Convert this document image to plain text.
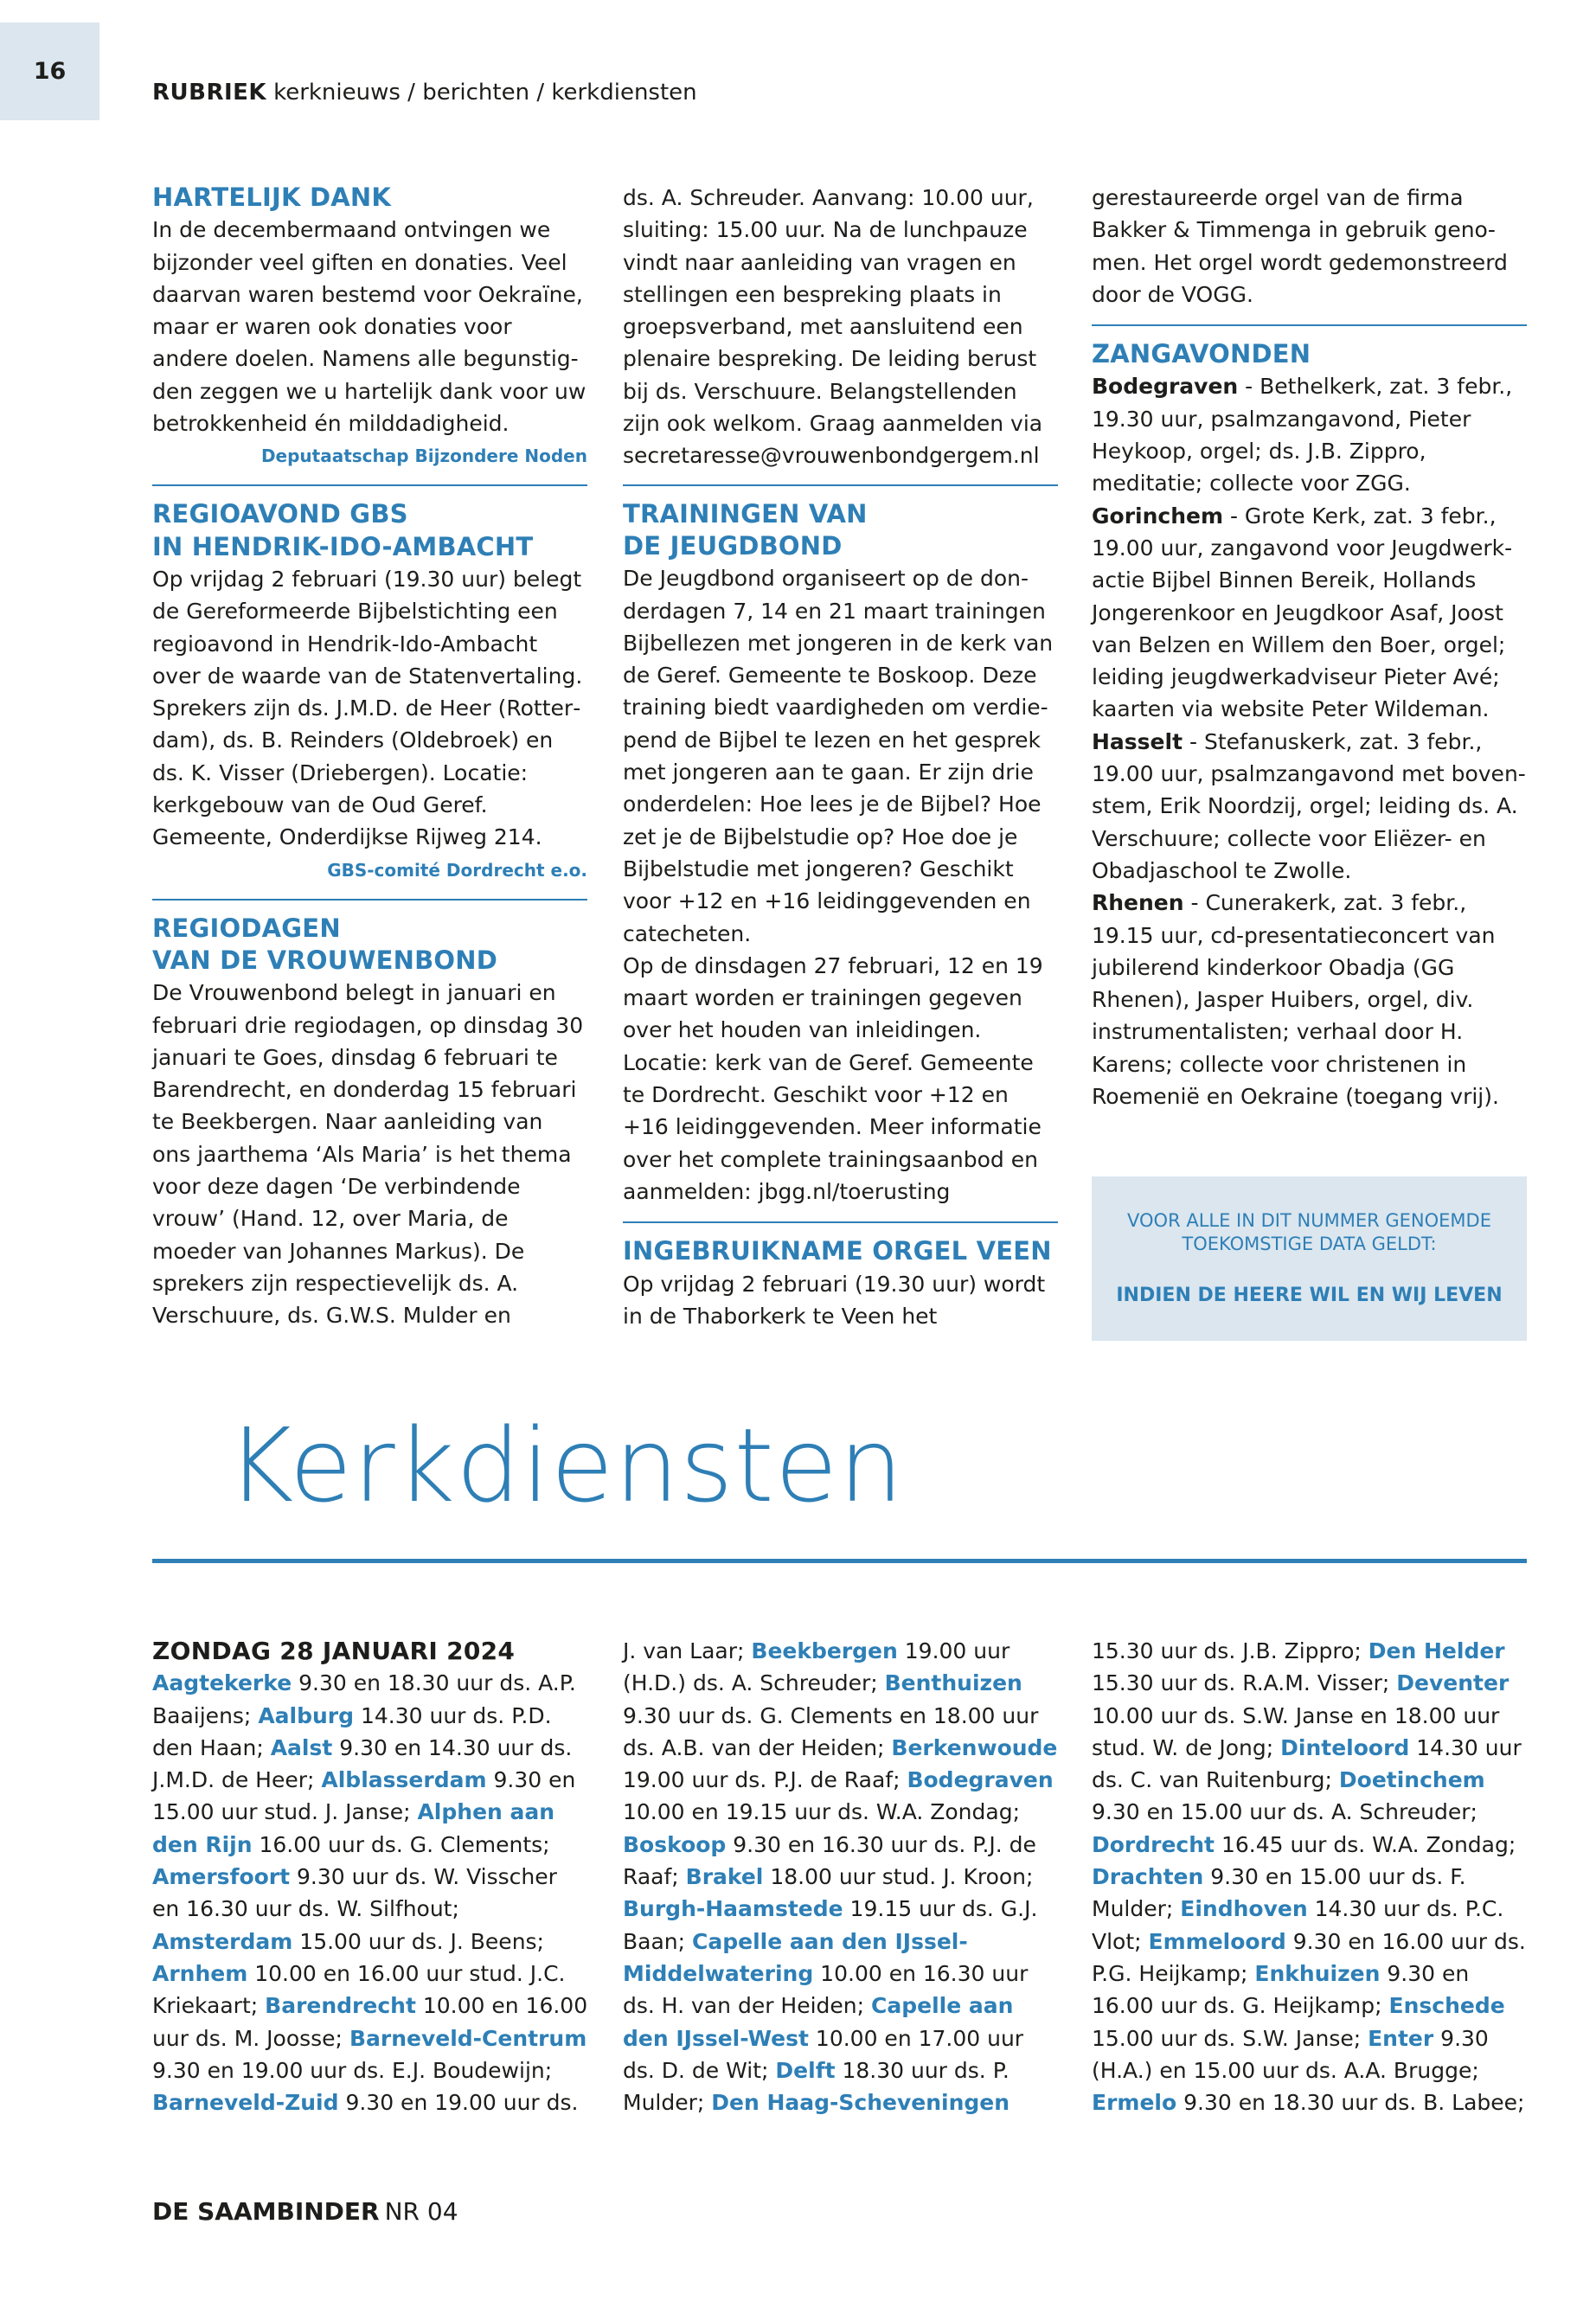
16
RUBRIEK kerknieuws / berichten / kerkdiensten
HARTELIJK DANK

In de decembermaand ontvingen we bijzonder veel giften en donaties. Veel daarvan waren bestemd voor Oekraïne, maar er waren ook donaties voor andere doelen. Namens alle begunstigden zeggen we u hartelijk dank voor uw betrokkenheid én milddadigheid.

Deputaatschap Bijzondere Noden
REGIOAVOND GBS
IN HENDRIK-IDO-AMBACHT

Op vrijdag 2 februari (19.30 uur) belegt de Gereformeerde Bijbelstichting een regioavond in Hendrik-Ido-Ambacht over de waarde van de Statenvertaling. Sprekers zijn ds. J.M.D. de Heer (Rotterdam), ds. B. Reinders (Oldebroek) en ds. K. Visser (Driebergen). Locatie: kerkgebouw van de Oud Geref. Gemeente, Onderdijkse Rijweg 214.

GBS-comité Dordrecht e.o.
REGIODAGEN
VAN DE VROUWENBOND

De Vrouwenbond belegt in januari en februari drie regiodagen, op dinsdag 30 januari te Goes, dinsdag 6 februari te Barendrecht, en donderdag 15 februari te Beekbergen. Naar aanleiding van ons jaarthema ‘Als Maria’ is het thema voor deze dagen ‘De verbindende vrouw’ (Hand. 12, over Maria, de moeder van Johannes Markus). De sprekers zijn respectievelijk ds. A. Verschuure, ds. G.W.S. Mulder en

ds. A. Schreuder. Aanvang: 10.00 uur, sluiting: 15.00 uur. Na de lunchpauze vindt naar aanleiding van vragen en stellingen een bespreking plaats in groepsverband, met aansluitend een plenaire bespreking. De leiding berust bij ds. Verschuure. Belangstellenden zijn ook welkom. Graag aanmelden via secretaresse@vrouwenbondgergem.nl

TRAININGEN VAN
DE JEUGDBOND

De Jeugdbond organiseert op de donderdagen 7, 14 en 21 maart trainingen Bijbellezen met jongeren in de kerk van de Geref. Gemeente te Boskoop. Deze training biedt vaardigheden om verdiepend de Bijbel te lezen en het gesprek met jongeren aan te gaan. Er zijn drie onderdelen: Hoe lees je de Bijbel? Hoe zet je de Bijbelstudie op? Hoe doe je Bijbelstudie met jongeren? Geschikt voor +12 en +16 leidinggevenden en catecheten.

Op de dinsdagen 27 februari, 12 en 19 maart worden er trainingen gegeven over het houden van inleidingen. Locatie: kerk van de Geref. Gemeente te Dordrecht. Geschikt voor +12 en +16 leidinggevenden. Meer informatie over het complete trainingsaanbod en aanmelden: jbgg.nl/toerusting

INGEBRUIKNAME ORGEL VEEN

Op vrijdag 2 februari (19.30 uur) wordt in de Thaborkerk te Veen het

gerestaureerde orgel van de firma Bakker & Timmenga in gebruik genomen. Het orgel wordt gedemonstreerd door de VOGG.

ZANGAVONDEN

Bodegraven - Bethelkerk, zat. 3 febr., 19.30 uur, psalmzangavond, Pieter Heykoop, orgel; ds. J.B. Zippro, meditatie; collecte voor ZGG.

Gorinchem - Grote Kerk, zat. 3 febr., 19.00 uur, zangavond voor Jeugdwerkactie Bijbel Binnen Bereik, Hollands Jongerenkoor en Jeugdkoor Asaf, Joost van Belzen en Willem den Boer, orgel; leiding jeugdwerkadviseur Pieter Avé; kaarten via website Peter Wildeman.

Hasselt - Stefanuskerk, zat. 3 febr., 19.00 uur, psalmzangavond met bovenstem, Erik Noordzij, orgel; leiding ds. A. Verschuure; collecte voor Eliëzer- en Obadjaschool te Zwolle.

Rhenen - Cunerakerk, zat. 3 febr., 19.15 uur, cd-presentatieconcert van jubilerend kinderkoor Obadja (GG Rhenen), Jasper Huibers, orgel, div. instrumentalisten; verhaal door H. Karens; collecte voor christenen in Roemenië en Oekraine (toegang vrij).

VOOR ALLE IN DIT NUMMER GENOEMDE
TOEKOMSTIGE DATA GELDT:
INDIEN DE HEERE WIL EN WIJ LEVEN
Kerkdiensten
ZONDAG 28 JANUARI 2024
Aagtekerke 9.30 en 18.30 uur ds. A.P. Baaijens; Aalburg 14.30 uur ds. P.D. den Haan; Aalst 9.30 en 14.30 uur ds. J.M.D. de Heer; Alblasserdam 9.30 en 15.00 uur stud. J. Janse; Alphen aan den Rijn 16.00 uur ds. G. Clements; Amersfoort 9.30 uur ds. W. Visscher en 16.30 uur ds. W. Silfhout; Amsterdam 15.00 uur ds. J. Beens; Arnhem 10.00 en 16.00 uur stud. J.C. Kriekaart; Barendrecht 10.00 en 16.00 uur ds. M. Joosse; Barneveld-Centrum 9.30 en 19.00 uur ds. E.J. Boudewijn; Barneveld-Zuid 9.30 en 19.00 uur ds.
J. van Laar; Beekbergen 19.00 uur (H.D.) ds. A. Schreuder; Benthuizen 9.30 uur ds. G. Clements en 18.00 uur ds. A.B. van der Heiden; Berkenwoude 19.00 uur ds. P.J. de Raaf; Bodegraven 10.00 en 19.15 uur ds. W.A. Zondag; Boskoop 9.30 en 16.30 uur ds. P.J. de Raaf; Brakel 18.00 uur stud. J. Kroon; Burgh-Haamstede 19.15 uur ds. G.J. Baan; Capelle aan den IJssel-Middelwatering 10.00 en 16.30 uur ds. H. van der Heiden; Capelle aan den IJssel-West 10.00 en 17.00 uur ds. D. de Wit; Delft 18.30 uur ds. P. Mulder; Den Haag-Scheveningen
15.30 uur ds. J.B. Zippro; Den Helder 15.30 uur ds. R.A.M. Visser; Deventer 10.00 uur ds. S.W. Janse en 18.00 uur stud. W. de Jong; Dinteloord 14.30 uur ds. C. van Ruitenburg; Doetinchem 9.30 en 15.00 uur ds. A. Schreuder; Dordrecht 16.45 uur ds. W.A. Zondag; Drachten 9.30 en 15.00 uur ds. F. Mulder; Eindhoven 14.30 uur ds. P.C. Vlot; Emmeloord 9.30 en 16.00 uur ds. P.G. Heijkamp; Enkhuizen 9.30 en 16.00 uur ds. G. Heijkamp; Enschede 15.00 uur ds. S.W. Janse; Enter 9.30 (H.A.) en 15.00 uur ds. A.A. Brugge; Ermelo 9.30 en 18.30 uur ds. B. Labee;
DE SAAMBINDER NR 04
